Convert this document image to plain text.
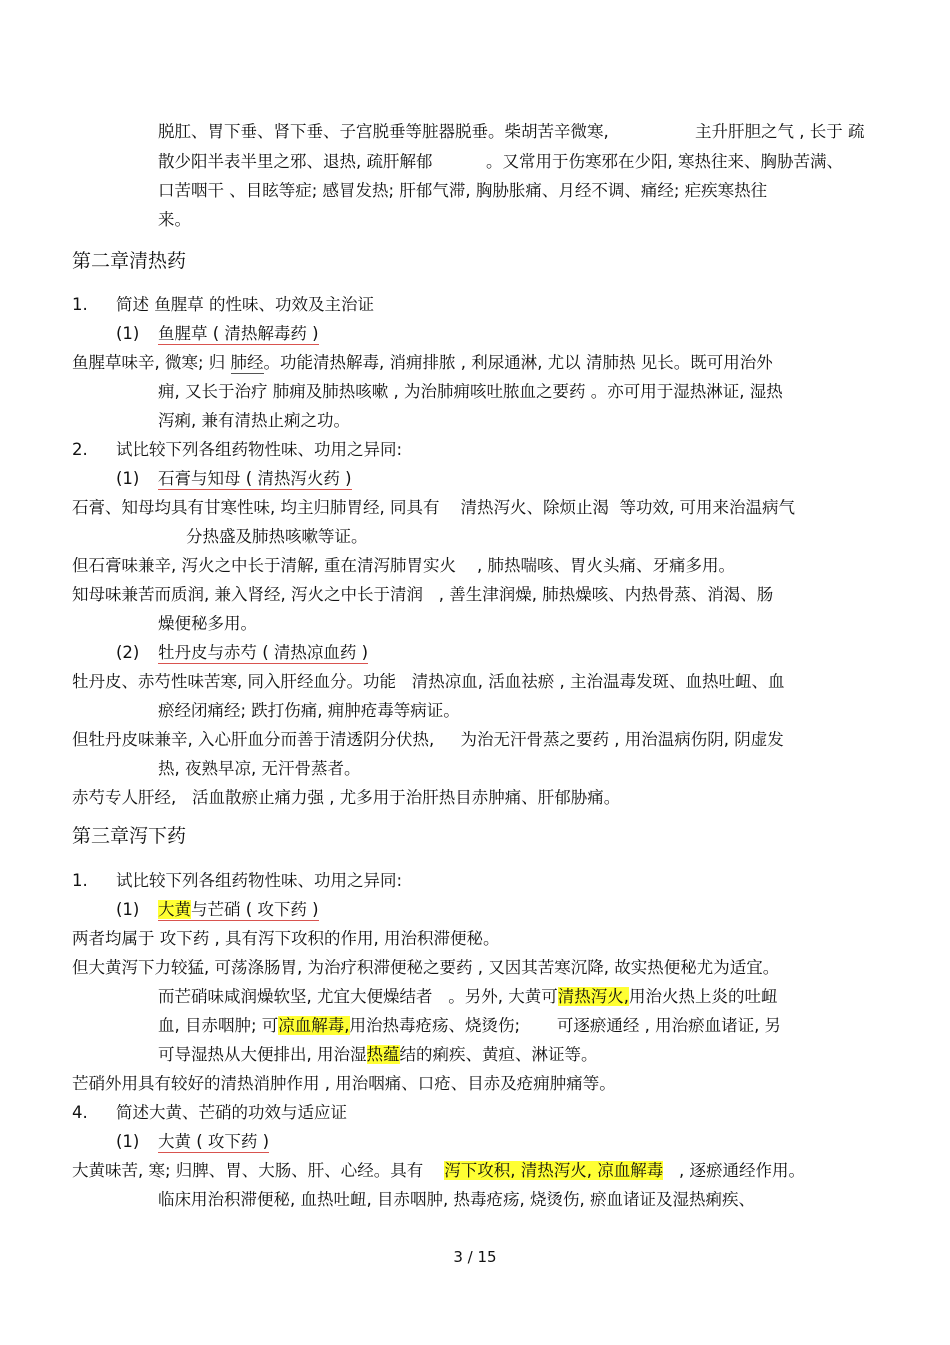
脱肛、胃下垂、肾下垂、子宫脱垂等脏器脱垂。柴胡苦辛微寒,	主升肝胆之气 , 长于 疏
散少阳半表半里之邪、退热, 疏肝解郁	。又常用于伤寒邪在少阳, 寒热往来、胸胁苦满、
口苦咽干 、目眩等症; 感冒发热; 肝郁气滞, 胸胁胀痛、月经不调、痛经; 疟疾寒热往
来。
第二章清热药
1. 简述 鱼腥草 的性味、功效及主治证
(1) 鱼腥草 ( 清热解毒药 )
鱼腥草味辛, 微寒; 归 肺经。功能清热解毒, 消痈排脓 , 利尿通淋, 尤以 清肺热 见长。既可用治外
痈, 又长于治疗 肺痈及肺热咳嗽 , 为治肺痈咳吐脓血之要药 。亦可用于湿热淋证, 湿热
泻痢, 兼有清热止痢之功。
2. 试比较下列各组药物性味、功用之异同:
(1) 石膏与知母 ( 清热泻火药 )
石膏、知母均具有甘寒性味, 均主归肺胃经, 同具有 清热泻火、除烦止渴 等功效, 可用来治温病气
分热盛及肺热咳嗽等证。
但石膏味兼辛, 泻火之中长于清解, 重在清泻肺胃实火 , 肺热喘咳、胃火头痛、牙痛多用。
知母味兼苦而质润, 兼入肾经, 泻火之中长于清润 , 善生津润燥, 肺热燥咳、内热骨蒸、消渴、肠
燥便秘多用。
(2) 牡丹皮与赤芍 ( 清热凉血药 )
牡丹皮、赤芍性味苦寒, 同入肝经血分。功能 清热凉血, 活血祛瘀 , 主治温毒发斑、血热吐衄、血
瘀经闭痛经; 跌打伤痛, 痈肿疮毒等病证。
但牡丹皮味兼辛, 入心肝血分而善于清透阴分伏热, 为治无汗骨蒸之要药 , 用治温病伤阴, 阴虚发
热, 夜熟早凉, 无汗骨蒸者。
赤芍专人肝经, 活血散瘀止痛力强 , 尤多用于治肝热目赤肿痛、肝郁胁痛。
第三章泻下药
1. 试比较下列各组药物性味、功用之异同:
(1) 大黄与芒硝 ( 攻下药 )
两者均属于 攻下药 , 具有泻下攻积的作用, 用治积滞便秘。
但大黄泻下力较猛, 可荡涤肠胃, 为治疗积滞便秘之要药 , 又因其苦寒沉降, 故实热便秘尤为适宜。
而芒硝味咸润燥软坚, 尤宜大便燥结者 。另外, 大黄可清热泻火,用治火热上炎的吐衄
血, 目赤咽肿; 可凉血解毒,用治热毒疮疡、烧烫伤; 可逐瘀通经 , 用治瘀血诸证, 另
可导湿热从大便排出, 用治湿热蕴结的痢疾、黄疸、淋证等。
芒硝外用具有较好的清热消肿作用 , 用治咽痛、口疮、目赤及疮痈肿痛等。
4. 简述大黄、芒硝的功效与适应证
(1) 大黄 ( 攻下药 )
大黄味苦, 寒; 归脾、胃、大肠、肝、心经。具有 泻下攻积, 清热泻火, 凉血解毒 , 逐瘀通经作用。
临床用治积滞便秘, 血热吐衄, 目赤咽肿, 热毒疮疡, 烧烫伤, 瘀血诸证及湿热痢疾、
3 / 15
